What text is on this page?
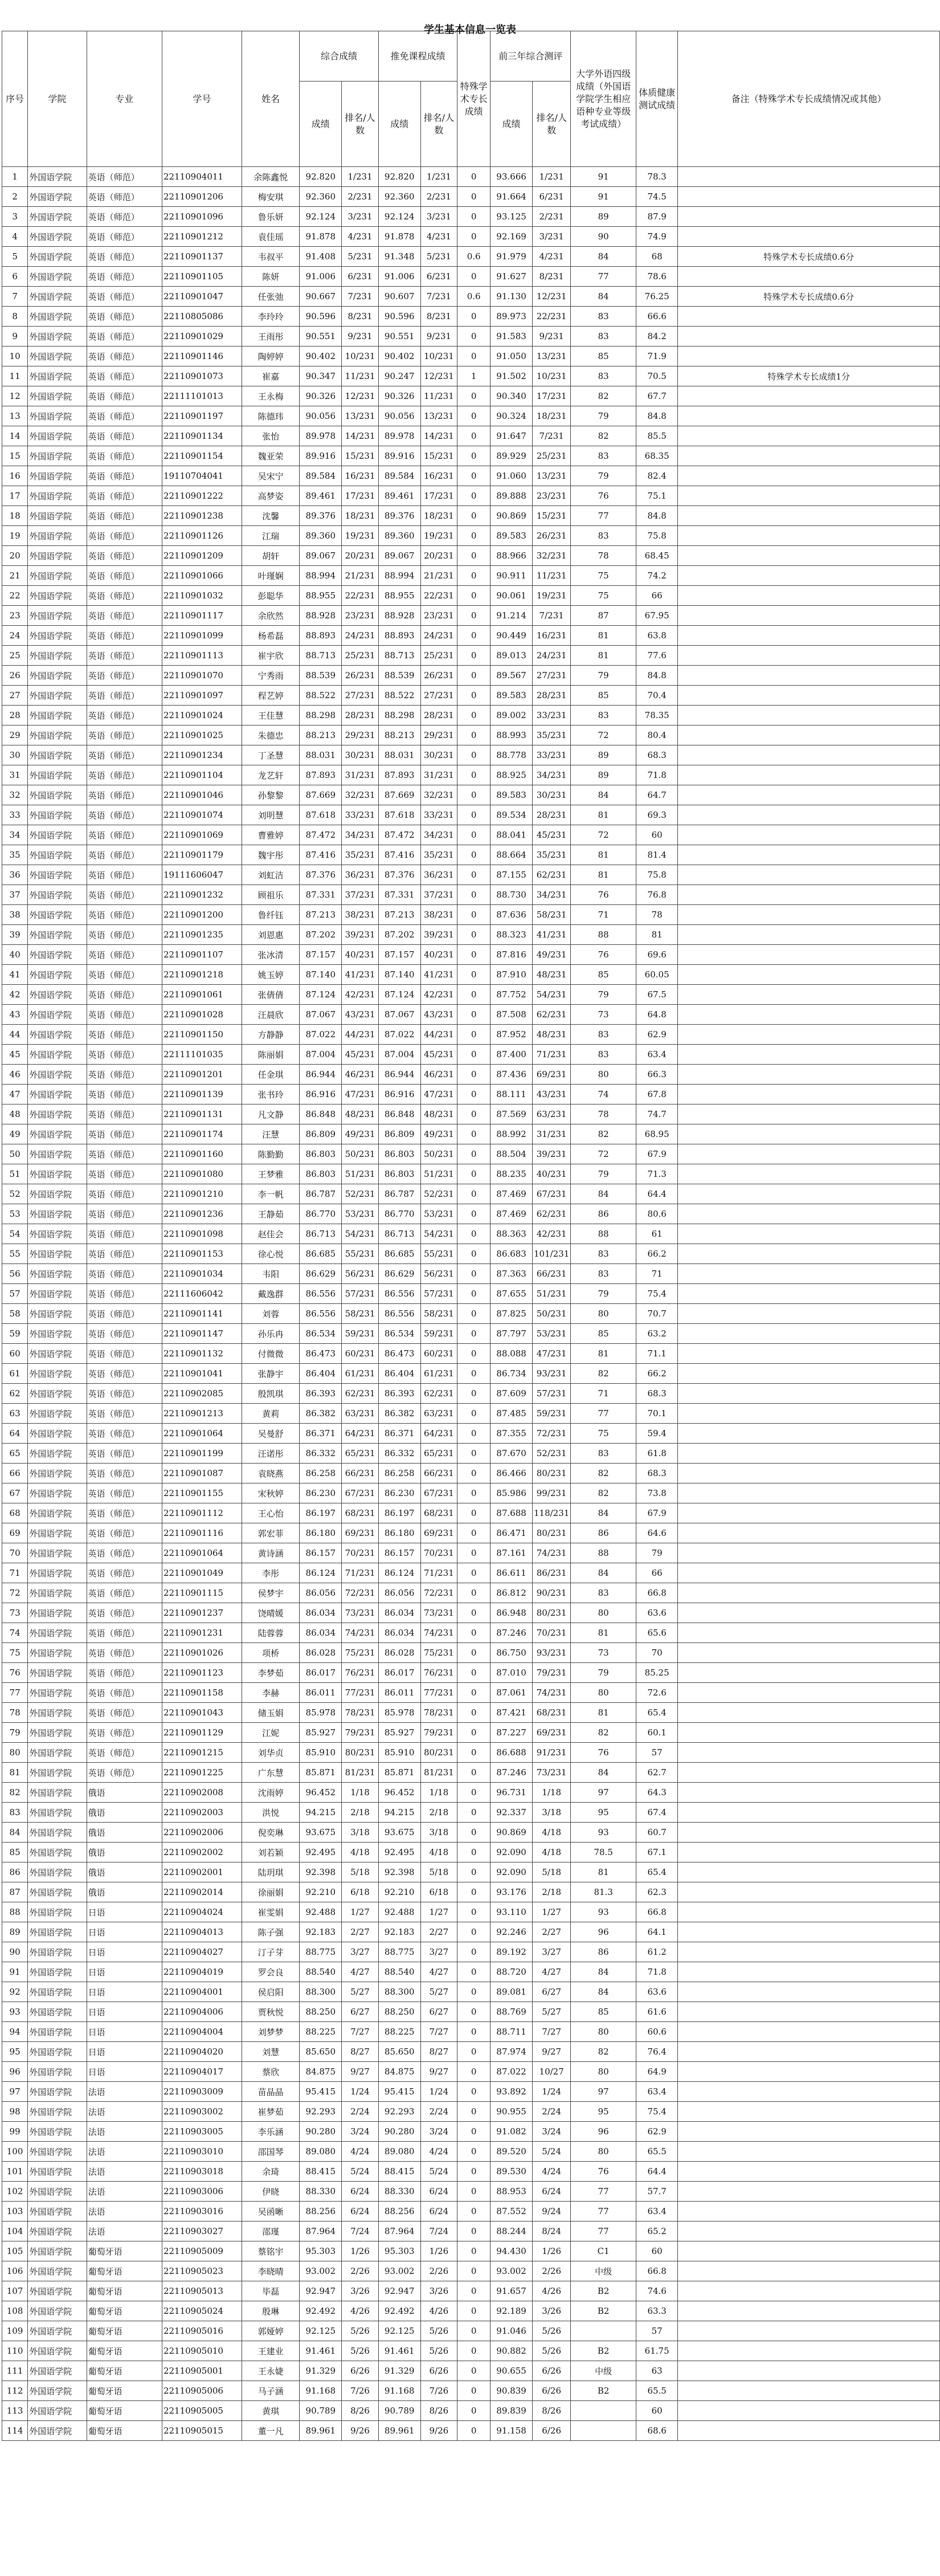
学生基本信息一览表
序号	学院	专业	学号	姓名	综合成绩		推免课程成绩		特殊学术专长成绩	前三年综合测评		大学外语四级成绩（外国语学院学生相应语种专业等级考试成绩）	体质健康测试成绩	备注（特殊学术专长成绩情况或其他）
					成绩	排名/人数	成绩	排名/人数		成绩	排名/人数			
1	外国语学院	英语（师范）	22110904011	余陈鑫悦	92.820	1/231	92.820	1/231	0	93.666	1/231	91	78.3	
2	外国语学院	英语（师范）	22110901206	梅安琪	92.360	2/231	92.360	2/231	0	91.664	6/231	91	74.5	
3	外国语学院	英语（师范）	22110901096	鲁乐妍	92.124	3/231	92.124	3/231	0	93.125	2/231	89	87.9	
4	外国语学院	英语（师范）	22110901212	袁佳瑶	91.878	4/231	91.878	4/231	0	92.169	3/231	90	74.9	
5	外国语学院	英语（师范）	22110901137	韦叔平	91.408	5/231	91.348	5/231	0.6	91.979	4/231	84	68	特殊学术专长成绩0.6分
6	外国语学院	英语（师范）	22110901105	陈妍	91.006	6/231	91.006	6/231	0	91.627	8/231	77	78.6	
7	外国语学院	英语（师范）	22110901047	任张弛	90.667	7/231	90.607	7/231	0.6	91.130	12/231	84	76.25	特殊学术专长成绩0.6分
8	外国语学院	英语（师范）	22110805086	李玲玲	90.596	8/231	90.596	8/231	0	89.973	22/231	83	66.6	
9	外国语学院	英语（师范）	22110901029	王雨彤	90.551	9/231	90.551	9/231	0	91.583	9/231	83	84.2	
10	外国语学院	英语（师范）	22110901146	陶婷婷	90.402	10/231	90.402	10/231	0	91.050	13/231	85	71.9	
11	外国语学院	英语（师范）	22110901073	崔嘉	90.347	11/231	90.247	12/231	1	91.502	10/231	83	70.5	特殊学术专长成绩1分
12	外国语学院	英语（师范）	22111101013	王永梅	90.326	12/231	90.326	11/231	0	90.340	17/231	82	67.7	
13	外国语学院	英语（师范）	22110901197	陈德玮	90.056	13/231	90.056	13/231	0	90.324	18/231	79	84.8	
14	外国语学院	英语（师范）	22110901134	张怡	89.978	14/231	89.978	14/231	0	91.647	7/231	82	85.5	
15	外国语学院	英语（师范）	22110901154	魏亚荣	89.916	15/231	89.916	15/231	0	89.929	25/231	83	68.35	
16	外国语学院	英语（师范）	19110704041	吴宋宁	89.584	16/231	89.584	16/231	0	91.060	13/231	79	82.4	
17	外国语学院	英语（师范）	22110901222	高梦姿	89.461	17/231	89.461	17/231	0	89.888	23/231	76	75.1	
18	外国语学院	英语（师范）	22110901238	沈馨	89.376	18/231	89.376	18/231	0	90.869	15/231	77	84.8	
19	外国语学院	英语（师范）	22110901126	江瑞	89.360	19/231	89.360	19/231	0	89.583	26/231	83	75.8	
20	外国语学院	英语（师范）	22110901209	胡轩	89.067	20/231	89.067	20/231	0	88.966	32/231	78	68.45	
21	外国语学院	英语（师范）	22110901066	叶瑾娴	88.994	21/231	88.994	21/231	0	90.911	11/231	75	74.2	
22	外国语学院	英语（师范）	22110901032	彭聪华	88.955	22/231	88.955	22/231	0	90.061	19/231	75	66	
23	外国语学院	英语（师范）	22110901117	余欣然	88.928	23/231	88.928	23/231	0	91.214	7/231	87	67.95	
24	外国语学院	英语（师范）	22110901099	杨希磊	88.893	24/231	88.893	24/231	0	90.449	16/231	81	63.8	
25	外国语学院	英语（师范）	22110901113	崔宇欣	88.713	25/231	88.713	25/231	0	89.013	24/231	81	77.6	
26	外国语学院	英语（师范）	22110901070	宁秀雨	88.539	26/231	88.539	26/231	0	89.567	27/231	79	84.8	
27	外国语学院	英语（师范）	22110901097	程艺婷	88.522	27/231	88.522	27/231	0	89.583	28/231	85	70.4	
28	外国语学院	英语（师范）	22110901024	王佳慧	88.298	28/231	88.298	28/231	0	89.002	33/231	83	78.35	
29	外国语学院	英语（师范）	22110901025	朱德忠	88.213	29/231	88.213	29/231	0	88.993	35/231	72	80.4	
30	外国语学院	英语（师范）	22110901234	丁圣慧	88.031	30/231	88.031	30/231	0	88.778	33/231	89	68.3	
31	外国语学院	英语（师范）	22110901104	龙艺轩	87.893	31/231	87.893	31/231	0	88.925	34/231	89	71.8	
32	外国语学院	英语（师范）	22110901046	孙黎黎	87.669	32/231	87.669	32/231	0	89.583	30/231	84	64.7	
33	外国语学院	英语（师范）	22110901074	刘明慧	87.618	33/231	87.618	33/231	0	89.534	28/231	81	69.3	
34	外国语学院	英语（师范）	22110901069	曹雅婷	87.472	34/231	87.472	34/231	0	88.041	45/231	72	60	
35	外国语学院	英语（师范）	22110901179	魏宇彤	87.416	35/231	87.416	35/231	0	88.664	35/231	81	81.4	
36	外国语学院	英语（师范）	19111606047	刘虹洁	87.376	36/231	87.376	36/231	0	87.155	62/231	81	75.8	
37	外国语学院	英语（师范）	22110901232	顾祖乐	87.331	37/231	87.331	37/231	0	88.730	34/231	76	76.8	
38	外国语学院	英语（师范）	22110901200	鲁纤钰	87.213	38/231	87.213	38/231	0	87.636	58/231	71	78	
39	外国语学院	英语（师范）	22110901235	刘恩惠	87.202	39/231	87.202	39/231	0	88.323	41/231	88	81	
40	外国语学院	英语（师范）	22110901107	张冰清	87.157	40/231	87.157	40/231	0	87.816	49/231	76	69.6	
41	外国语学院	英语（师范）	22110901218	姚玉婷	87.140	41/231	87.140	41/231	0	87.910	48/231	85	60.05	
42	外国语学院	英语（师范）	22110901061	张倩倩	87.124	42/231	87.124	42/231	0	87.752	54/231	79	67.5	
43	外国语学院	英语（师范）	22110901028	汪晨欣	87.067	43/231	87.067	43/231	0	87.508	62/231	73	64.8	
44	外国语学院	英语（师范）	22110901150	方静静	87.022	44/231	87.022	44/231	0	87.952	48/231	83	62.9	
45	外国语学院	英语（师范）	22111101035	陈丽娟	87.004	45/231	87.004	45/231	0	87.400	71/231	83	63.4	
46	外国语学院	英语（师范）	22110901201	任金琪	86.944	46/231	86.944	46/231	0	87.436	69/231	80	66.3	
47	外国语学院	英语（师范）	22110901139	张书玲	86.916	47/231	86.916	47/231	0	88.111	43/231	74	67.8	
48	外国语学院	英语（师范）	22110901131	凡文静	86.848	48/231	86.848	48/231	0	87.569	63/231	78	74.7	
49	外国语学院	英语（师范）	22110901174	汪慧	86.809	49/231	86.809	49/231	0	88.992	31/231	82	68.95	
50	外国语学院	英语（师范）	22110901160	陈勤勤	86.803	50/231	86.803	50/231	0	88.504	39/231	72	67.9	
51	外国语学院	英语（师范）	22110901080	王梦雅	86.803	51/231	86.803	51/231	0	88.235	40/231	79	71.3	
52	外国语学院	英语（师范）	22110901210	李一帆	86.787	52/231	86.787	52/231	0	87.469	67/231	84	64.4	
53	外国语学院	英语（师范）	22110901236	王静茹	86.770	53/231	86.770	53/231	0	87.469	62/231	86	80.6	
54	外国语学院	英语（师范）	22110901098	赵佳会	86.713	54/231	86.713	54/231	0	88.363	42/231	88	61	
55	外国语学院	英语（师范）	22110901153	徐心悦	86.685	55/231	86.685	55/231	0	86.683	101/231	83	66.2	
56	外国语学院	英语（师范）	22110901034	韦阳	86.629	56/231	86.629	56/231	0	87.363	66/231	83	71	
57	外国语学院	英语（师范）	22111606042	戴逸群	86.556	57/231	86.556	57/231	0	87.655	51/231	79	75.4	
58	外国语学院	英语（师范）	22110901141	刘蓉	86.556	58/231	86.556	58/231	0	87.825	50/231	80	70.7	
59	外国语学院	英语（师范）	22110901147	孙乐冉	86.534	59/231	86.534	59/231	0	87.797	53/231	85	63.2	
60	外国语学院	英语（师范）	22110901132	付微微	86.473	60/231	86.473	60/231	0	88.088	47/231	81	71.1	
61	外国语学院	英语（师范）	22110901041	张静宇	86.404	61/231	86.404	61/231	0	86.734	93/231	82	66.2	
62	外国语学院	英语（师范）	22110902085	殷凯琪	86.393	62/231	86.393	62/231	0	87.609	57/231	71	68.3	
63	外国语学院	英语（师范）	22110901213	黄莉	86.382	63/231	86.382	63/231	0	87.485	59/231	77	70.1	
64	外国语学院	英语（师范）	22110901064	吴曼舒	86.371	64/231	86.371	64/231	0	87.355	72/231	75	59.4	
65	外国语学院	英语（师范）	22110901199	汪诺彤	86.332	65/231	86.332	65/231	0	87.670	52/231	83	61.8	
66	外国语学院	英语（师范）	22110901087	袁晓燕	86.258	66/231	86.258	66/231	0	86.466	80/231	82	68.3	
67	外国语学院	英语（师范）	22110901155	宋秋婷	86.230	67/231	86.230	67/231	0	85.986	99/231	82	73.8	
68	外国语学院	英语（师范）	22110901112	王心怡	86.197	68/231	86.197	68/231	0	87.688	118/231	84	67.9	
69	外国语学院	英语（师范）	22110901116	郭宏菲	86.180	69/231	86.180	69/231	0	86.471	80/231	86	64.6	
70	外国语学院	英语（师范）	22110901064	黄诗涵	86.157	70/231	86.157	70/231	0	87.161	74/231	88	79	
71	外国语学院	英语（师范）	22110901049	李彤	86.124	71/231	86.124	71/231	0	86.611	86/231	84	66	
72	外国语学院	英语（师范）	22110901115	侯梦宇	86.056	72/231	86.056	72/231	0	86.812	90/231	83	66.8	
73	外国语学院	英语（师范）	22110901237	饶晴媛	86.034	73/231	86.034	73/231	0	86.948	80/231	80	63.6	
74	外国语学院	英语（师范）	22110901231	陆蓉蓉	86.034	74/231	86.034	74/231	0	87.246	70/231	81	65.6	
75	外国语学院	英语（师范）	22110901026	项桥	86.028	75/231	86.028	75/231	0	86.750	93/231	73	70	
76	外国语学院	英语（师范）	22110901123	李梦茹	86.017	76/231	86.017	76/231	0	87.010	79/231	79	85.25	
77	外国语学院	英语（师范）	22110901158	李赫	86.011	77/231	86.011	77/231	0	87.061	74/231	80	72.6	
78	外国语学院	英语（师范）	22110901043	储玉娟	85.978	78/231	85.978	78/231	0	87.421	68/231	81	65.4	
79	外国语学院	英语（师范）	22110901129	江妮	85.927	79/231	85.927	79/231	0	87.227	69/231	82	60.1	
80	外国语学院	英语（师范）	22110901215	刘华贞	85.910	80/231	85.910	80/231	0	86.688	91/231	76	57	
81	外国语学院	英语（师范）	22110901225	广东慧	85.871	81/231	85.871	81/231	0	87.246	73/231	84	62.7	
82	外国语学院	俄语	22110902008	沈雨婷	96.452	1/18	96.452	1/18	0	96.731	1/18	97	64.3	
83	外国语学院	俄语	22110902003	洪悦	94.215	2/18	94.215	2/18	0	92.337	3/18	95	67.4	
84	外国语学院	俄语	22110902006	倪奕琳	93.675	3/18	93.675	3/18	0	90.869	4/18	93	60.7	
85	外国语学院	俄语	22110902002	刘若颖	92.495	4/18	92.495	4/18	0	92.090	4/18	78.5	67.1	
86	外国语学院	俄语	22110902001	陆玥琪	92.398	5/18	92.398	5/18	0	92.090	5/18	81	65.4	
87	外国语学院	俄语	22110902014	徐丽娟	92.210	6/18	92.210	6/18	0	93.176	2/18	81.3	62.3	
88	外国语学院	日语	22110904024	崔雯娟	92.488	1/27	92.488	1/27	0	93.110	1/27	93	66.8	
89	外国语学院	日语	22110904013	陈子强	92.183	2/27	92.183	2/27	0	92.246	2/27	96	64.1	
90	外国语学院	日语	22110904027	汀子芽	88.775	3/27	88.775	3/27	0	89.192	3/27	86	61.2	
91	外国语学院	日语	22110904019	罗会良	88.540	4/27	88.540	4/27	0	88.720	4/27	84	71.8	
92	外国语学院	日语	22110904001	侯启阳	88.300	5/27	88.300	5/27	0	89.081	6/27	84	63.6	
93	外国语学院	日语	22110904006	贾秋悦	88.250	6/27	88.250	6/27	0	88.769	5/27	85	61.6	
94	外国语学院	日语	22110904004	刘梦梦	88.225	7/27	88.225	7/27	0	88.711	7/27	80	60.6	
95	外国语学院	日语	22110904020	刘慧	85.650	8/27	85.650	8/27	0	87.974	9/27	82	76.4	
96	外国语学院	日语	22110904017	蔡欣	84.875	9/27	84.875	9/27	0	87.022	10/27	80	64.9	
97	外国语学院	法语	22110903009	苗晶晶	95.415	1/24	95.415	1/24	0	93.892	1/24	97	63.4	
98	外国语学院	法语	22110903002	崔梦茹	92.293	2/24	92.293	2/24	0	90.955	2/24	95	75.4	
99	外国语学院	法语	22110903005	李乐涵	90.280	3/24	90.280	3/24	0	91.082	3/24	96	62.9	
100	外国语学院	法语	22110903010	邵国琴	89.080	4/24	89.080	4/24	0	89.520	5/24	80	65.5	
101	外国语学院	法语	22110903018	余琦	88.415	5/24	88.415	5/24	0	89.530	4/24	76	64.4	
102	外国语学院	法语	22110903006	伊晓	88.330	6/24	88.330	6/24	0	88.953	6/24	77	57.7	
103	外国语学院	法语	22110903016	吴函晰	88.256	6/24	88.256	6/24	0	87.552	9/24	77	63.4	
104	外国语学院	法语	22110903027	邵瑾	87.964	7/24	87.964	7/24	0	88.244	8/24	77	65.2	
105	外国语学院	葡萄牙语	22110905009	蔡铭宇	95.303	1/26	95.303	1/26	0	94.430	1/26	C1	60	
106	外国语学院	葡萄牙语	22110905023	李晓晴	93.002	2/26	93.002	2/26	0	93.002	2/26	中级	66.8	
107	外国语学院	葡萄牙语	22110905013	毕磊	92.947	3/26	92.947	3/26	0	91.657	4/26	B2	74.6	
108	外国语学院	葡萄牙语	22110905024	殷琳	92.492	4/26	92.492	4/26	0	92.189	3/26	B2	63.3	
109	外国语学院	葡萄牙语	22110905016	郭娅婷	92.125	5/26	92.125	5/26	0	91.046	5/26		57	
110	外国语学院	葡萄牙语	22110905010	王建业	91.461	5/26	91.461	5/26	0	90.882	5/26	B2	61.75	
111	外国语学院	葡萄牙语	22110905001	王永婕	91.329	6/26	91.329	6/26	0	90.655	6/26	中级	63	
112	外国语学院	葡萄牙语	22110905006	马子涵	91.168	7/26	91.168	7/26	0	90.839	6/26	B2	65.5	
113	外国语学院	葡萄牙语	22110905005	黄琪	90.789	8/26	90.789	8/26	0	89.839	8/26		60	
114	外国语学院	葡萄牙语	22110905015	董一凡	89.961	9/26	89.961	9/26	0	91.158	6/26		68.6	
